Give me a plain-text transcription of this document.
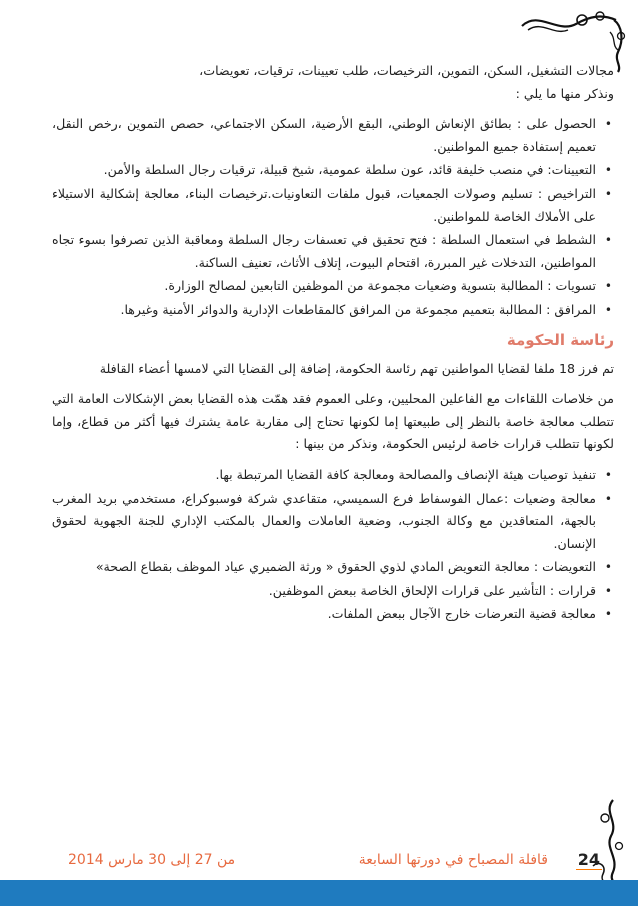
مجالات التشغيل، السكن، التموين، الترخيصات، طلب تعيينات، ترقيات، تعويضات،
ونذكر منها ما يلي :

•
الحصول على : بطائق الإنعاش الوطني، البقع الأرضية، السكن الاجتماعي، حصص التموين ،رخص النقل، تعميم إستفادة جميع المواطنين.
•
التعيينات: في منصب خليفة قائد، عون سلطة عمومية، شيخ قبيلة، ترقيات رجال السلطة والأمن.
•
التراخيص : تسليم وصولات الجمعيات، قبول ملفات التعاونيات.ترخيصات البناء، معالجة إشكالية الاستيلاء على الأملاك الخاصة للمواطنين.
•
الشطط في استعمال السلطة : فتح تحقيق في تعسفات رجال السلطة ومعاقبة الذين تصرفوا بسوء تجاه المواطنين، التدخلات غير المبررة، اقتحام البيوت، إتلاف الأثاث، تعنيف الساكنة.
•
تسويات : المطالبة بتسوية وضعيات مجموعة من الموظفين التابعين لمصالح الوزارة.
•
المرافق : المطالبة بتعميم مجموعة من المرافق كالمقاطعات الإدارية والدوائر الأمنية وغيرها.
رئاسة الحكومة

تم فرز 18 ملفا لقضايا المواطنين تهم رئاسة الحكومة، إضافة إلى القضايا التي لامسها أعضاء القافلة

من خلاصات اللقاءات مع الفاعلين المحليين، وعلى العموم فقد همّت هذه القضايا بعض الإشكالات العامة التي تتطلب معالجة خاصة بالنظر إلى طبيعتها إما لكونها تحتاج إلى مقاربة عامة يشترك فيها أكثر من قطاع، وإما لكونها تتطلب قرارات خاصة لرئيس الحكومة، ونذكر من بينها :

•
تنفيذ توصيات هيئة الإنصاف والمصالحة ومعالجة كافة القضايا المرتبطة بها.
•
معالجة وضعيات :عمال الفوسفاط فرع السميسي، متقاعدي شركة فوسبوكراع، مستخدمي بريد المغرب بالجهة، المتعاقدين مع وكالة الجنوب، وضعية العاملات والعمال بالمكتب الإداري للجنة الجهوية لحقوق الإنسان.
•
التعويضات : معالجة التعويض المادي لذوي الحقوق « ورثة الضميري عياد الموظف بقطاع الصحة»
•
قرارات : التأشير على قرارات الإلحاق الخاصة ببعض الموظفين.
•
معالجة قضية التعرضات خارج الآجال ببعض الملفات.
24
قافلة المصباح في دورتها السابعة
من 27 إلى 30 مارس 2014
